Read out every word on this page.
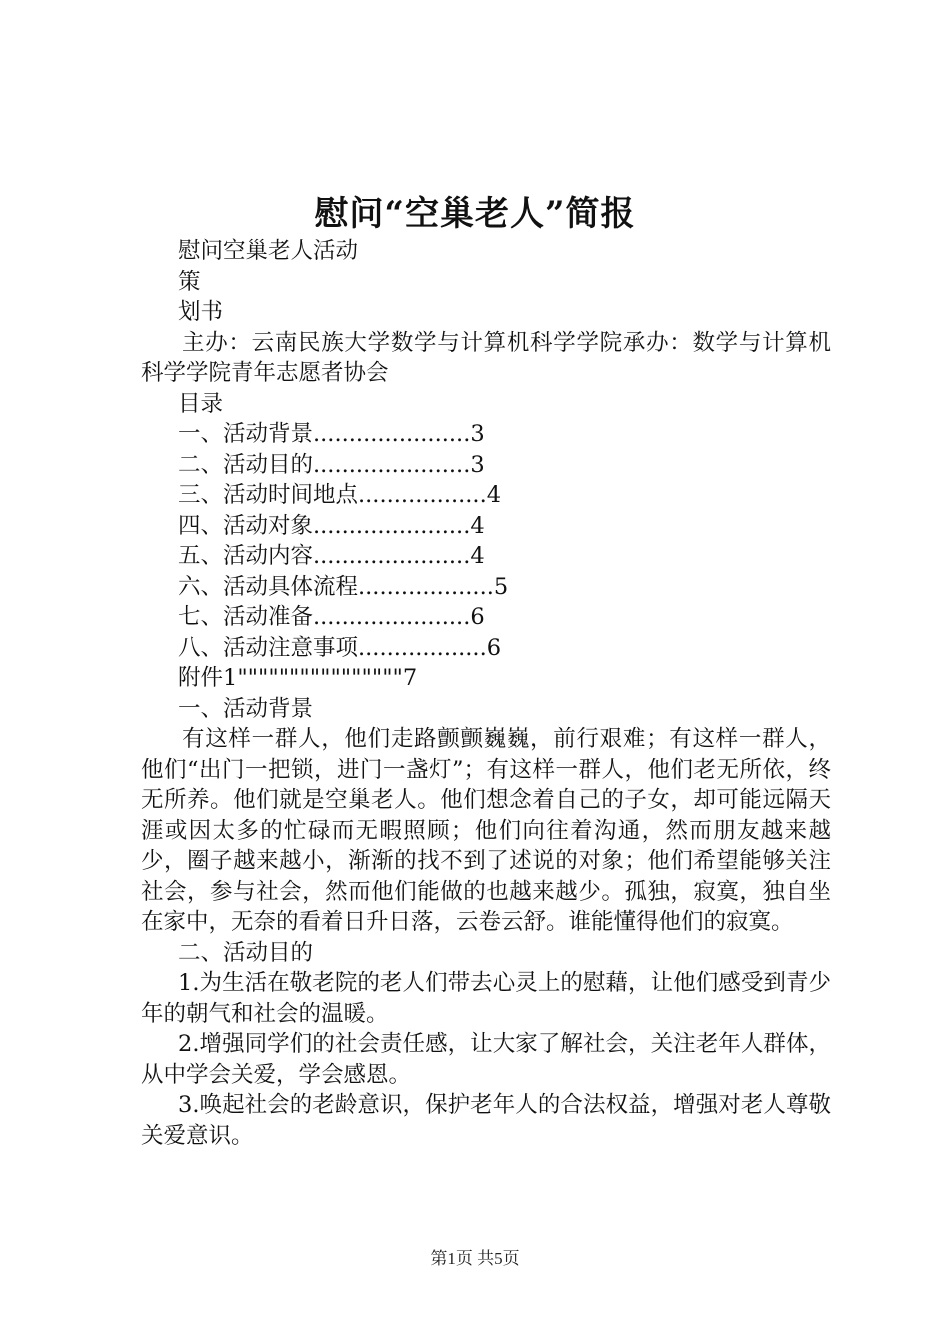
慰问“空巢老人”简报

慰问空巢老人活动

策

划书

主办：云南民族大学数学与计算机科学学院承办：数学与计算机科学学院青年志愿者协会

目录

一、活动背景......................3

二、活动目的......................3

三、活动时间地点..................4

四、活动对象......................4

五、活动内容......................4

六、活动具体流程...................5

七、活动准备......................6

八、活动注意事项..................6

附件1""""""""""""""""7

一、活动背景

有这样一群人，他们走路颤颤巍巍，前行艰难；有这样一群人，他们“出门一把锁，进门一盏灯”；有这样一群人，他们老无所依，终无所养。他们就是空巢老人。他们想念着自己的子女，却可能远隔天涯或因太多的忙碌而无暇照顾；他们向往着沟通，然而朋友越来越少，圈子越来越小，渐渐的找不到了述说的对象；他们希望能够关注社会，参与社会，然而他们能做的也越来越少。孤独，寂寞，独自坐在家中，无奈的看着日升日落，云卷云舒。谁能懂得他们的寂寞。

二、活动目的

1.为生活在敬老院的老人们带去心灵上的慰藉，让他们感受到青少年的朝气和社会的温暖。

2.增强同学们的社会责任感，让大家了解社会，关注老年人群体，从中学会关爱，学会感恩。

3.唤起社会的老龄意识，保护老年人的合法权益，增强对老人尊敬关爱意识。

第1页 共5页
